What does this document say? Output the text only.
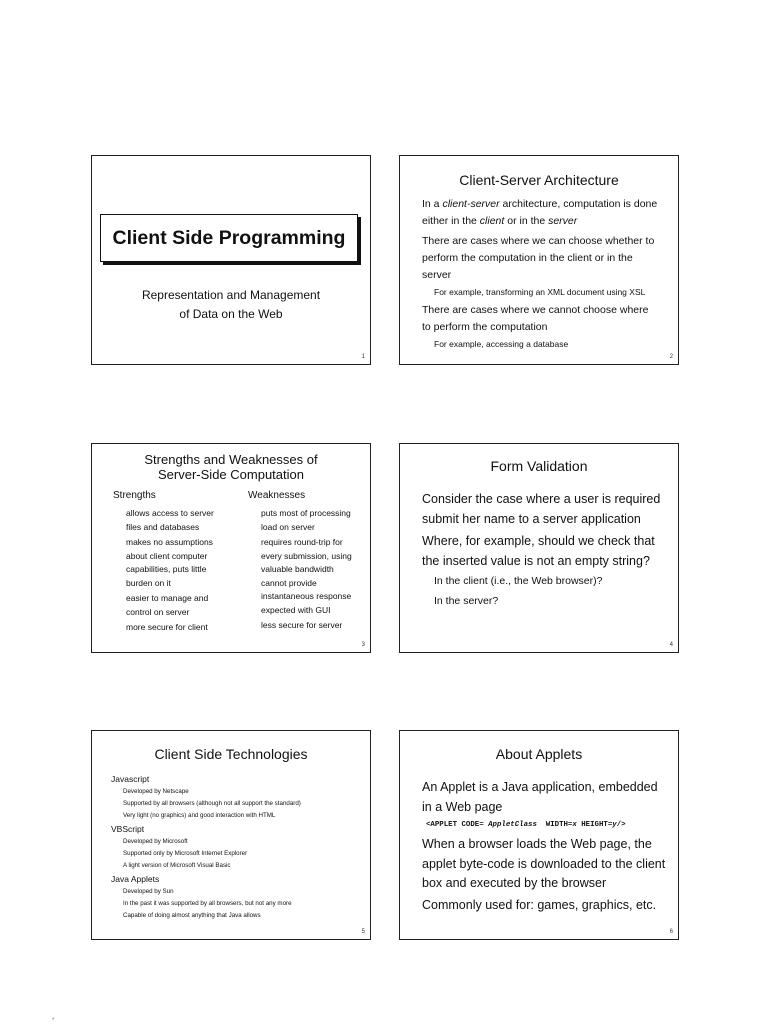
Client Side Programming
Representation and Management
of Data on the Web
1
Client-Server Architecture
In a client-server architecture, computation is done
either in the client or in the server
There are cases where we can choose whether to
perform the computation in the client or in the
server
For example, transforming an XML document using XSL
There are cases where we cannot choose where
to perform the computation
For example, accessing a database
2
Strengths and Weaknesses of
Server-Side Computation
Strengths	Weaknesses
allows access to server
files and databases
makes no assumptions
about client computer
capabilities, puts little
burden on it
easier to manage and
control on server
more secure for client
puts most of processing
load on server
requires round-trip for
every submission, using
valuable bandwidth
cannot provide
instantaneous response
expected with GUI
less secure for server
3
Form Validation
Consider the case where a user is required
submit her name to a server application
Where, for example, should we check that
the inserted value is not an empty string?
In the client (i.e., the Web browser)?
In the server?
4
Client Side Technologies
Javascript
Developed by Netscape
Supported by all browsers (although not all support the standard)
Very light (no graphics) and good interaction with HTML
VBScript
Developed by Microsoft
Supported only by Microsoft Internet Explorer
A light version of Microsoft Visual Basic
Java Applets
Developed by Sun
In the past it was supported by all browsers, but not any more
Capable of doing almost anything that Java allows
5
About Applets
An Applet is a Java application, embedded
in a Web page
<APPLET CODE= AppletClass  WIDTH=x HEIGHT=y/>
When a browser loads the Web page, the
applet byte-code is downloaded to the client
box and executed by the browser
Commonly used for: games, graphics, etc.
6
*
